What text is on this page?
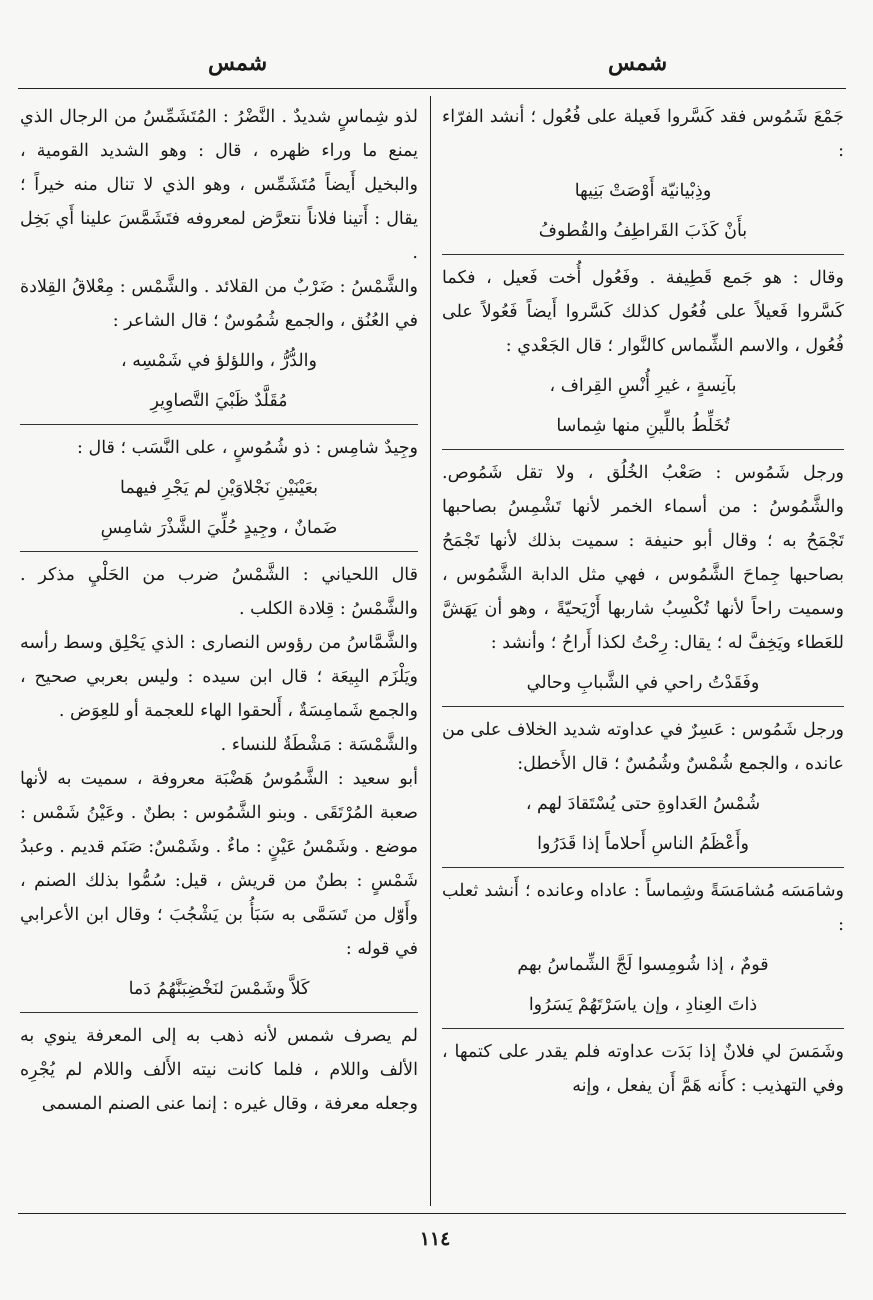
شمس
شمس

جَمْعَ شَمُوس فقد كَسَّروا فَعيلة على فُعُول ؛ أنشد الفرّاء :

وذِبْيانيّة أَوْصَتْ بَنِيها
بأَنْ كَذَبَ القَراطِفُ والقُطوفُ

وقال : هو جَمع قَطِيفة . وفَعُول أُخت فَعيل ، فكما كَسَّروا فَعيلاً على فُعُول كذلك كَسَّروا أَيضاً فَعُولاً على فُعُول ، والاسم الشِّماس كالنَّوار ؛ قال الجَعْدي :

بآنِسةٍ ، غيرِ أُنْسِ القِراف ،
تُخَلِّطُ باللِّينِ منها شِماسا

ورجل شَمُوس : صَعْبُ الخُلُق ، ولا تقل شَمُوص. والشَّمُوسُ : من أسماء الخمر لأنها تَشْمِسُ بصاحبها تَجْمَحُ به ؛ وقال أبو حنيفة : سميت بذلك لأنها تَجْمَحُ بصاحبها جِماحَ الشَّمُوس ، فهي مثل الدابة الشَّمُوس ، وسميت راحاً لأنها تُكْسِبُ شاربها أَرْيَحيّةً ، وهو أن يَهَشَّ للعَطاء ويَخِفَّ له ؛ يقال: رِحْتُ لكذا أَراحُ ؛ وأنشد :

وفَقَدْتُ راحي في الشَّبابِ وحالي

ورجل شَمُوس : عَسِرٌ في عداوته شديد الخلاف على من عانده ، والجمع شُمْسٌ وشُمُسٌ ؛ قال الأَخطل:

شُمْسُ العَداوةِ حتى يُسْتَقادَ لهم ،
وأَعْظَمُ الناسِ أَحلاماً إذا قَدَرُوا

وشامَسَه مُشامَسَةً وشِماساً : عاداه وعانده ؛ أَنشد ثعلب :

قومٌ ، إذا شُومِسوا لَجَّ الشِّماسُ بهم
ذاتَ العِنادِ ، وإن ياسَرْتَهُمْ يَسَرُوا

وشَمَسَ لي فلانٌ إذا بَدَت عداوته فلم يقدر على كتمها ، وفي التهذيب : كأَنه هَمَّ أَن يفعل ، وإنه

لذو شِماسٍ شديدٌ . النَّضْرُ : المُتَشَمِّسُ من الرجال الذي يمنع ما وراء ظهره ، قال : وهو الشديد القومية ، والبخيل أَيضاً مُتَشَمِّس ، وهو الذي لا تنال منه خيراً ؛ يقال : أَتينا فلاناً نتعرَّض لمعروفه فتَشَمَّسَ علينا أَي بَخِل .

والشَّمْسُ : ضَرْبٌ من القلائد . والشَّمْس : مِعْلاقُ القِلادة في العُنُق ، والجمع شُمُوسٌ ؛ قال الشاعر :

والدُّرُّ ، واللؤلؤ في شَمْسِه ،
مُقَلَّدٌ ظَبْيَ التَّصاوِيرِ

وجِيدٌ شامِس : ذو شُمُوسٍ ، على النَّسَب ؛ قال :

بعَيْنَيْنِ نَجْلاوَيْنِ لم يَجْرِ فيهما
ضَمانٌ ، وجِيدٍ حُلِّيَ الشَّذْرَ شامِسِ

قال اللحياني : الشَّمْسُ ضرب من الحَلْيِ مذكر . والشَّمْسُ : قِلادة الكلب .

والشَّمَّاسُ من رؤوس النصارى : الذي يَحْلِق وسط رأسه ويَلْزَم البِيعَة ؛ قال ابن سيده : وليس بعربي صحيح ، والجمع شَمامِسَةٌ ، أَلحقوا الهاء للعجمة أو للعِوَض .

والشَّمْسَة : مَشْطَةٌ للنساء .

أبو سعيد : الشَّمُوسُ هَضْبَة معروفة ، سميت به لأنها صعبة المُرْتَقَى . وبنو الشَّمُوس : بطنٌ . وعَيْنُ شَمْس : موضع . وشَمْسُ عَيْنٍ : ماءٌ . وشَمْسٌ: صَنَم قديم . وعبدُ شَمْسٍ : بطنٌ من قريش ، قيل: سُمُّوا بذلك الصنم ، وأَوّل من تَسَمَّى به سَبَأُ بن يَشْجُبَ ؛ وقال ابن الأعرابي في قوله :

كَلاَّ وشَمْسَ لنَخْضِبَنَّهُمُ دَما

لم يصرف شمس لأنه ذهب به إلى المعرفة ينوي به الألف واللام ، فلما كانت نيته الأَلف واللام لم يُجْرِه وجعله معرفة ، وقال غيره : إنما عنى الصنم المسمى

١١٤
